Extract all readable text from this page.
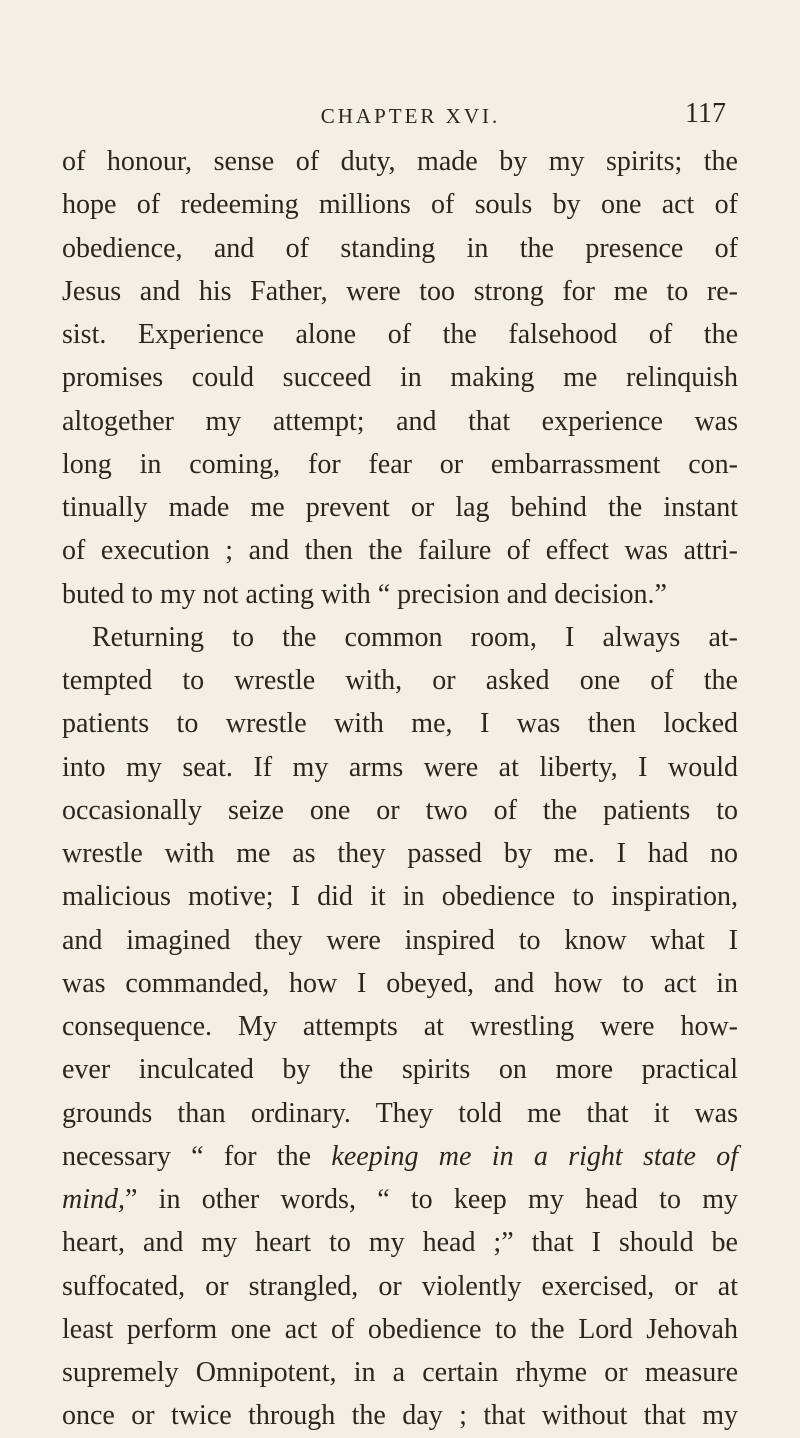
CHAPTER XVI.	117
of honour, sense of duty, made by my spirits; the
hope of redeeming millions of souls by one act of
obedience, and of standing in the presence of
Jesus and his Father, were too strong for me to re-
sist. Experience alone of the falsehood of the
promises could succeed in making me relinquish
altogether my attempt; and that experience was
long in coming, for fear or embarrassment con-
tinually made me prevent or lag behind the instant
of execution ; and then the failure of effect was attri-
buted to my not acting with “ precision and decision.”
Returning to the common room, I always at-
tempted to wrestle with, or asked one of the
patients to wrestle with me, I was then locked
into my seat. If my arms were at liberty, I would
occasionally seize one or two of the patients to
wrestle with me as they passed by me. I had no
malicious motive; I did it in obedience to inspiration,
and imagined they were inspired to know what I
was commanded, how I obeyed, and how to act in
consequence. My attempts at wrestling were how-
ever inculcated by the spirits on more practical
grounds than ordinary. They told me that it was
necessary “ for the keeping me in a right state of
mind,” in other words, “ to keep my head to my
heart, and my heart to my head ;” that I should be
suffocated, or strangled, or violently exercised, or at
least perform one act of obedience to the Lord Jehovah
supremely Omnipotent, in a certain rhyme or measure
once or twice through the day ; that without that my
